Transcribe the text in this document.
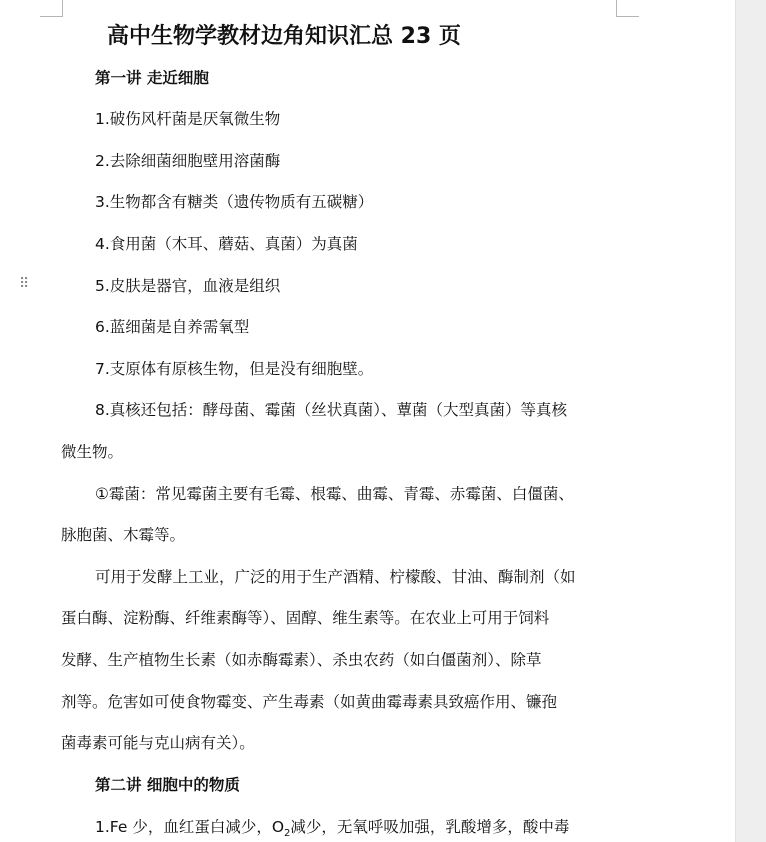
⠿
高中生物学教材边角知识汇总 23 页

第一讲 走近细胞

1.破伤风杆菌是厌氧微生物

2.去除细菌细胞壁用溶菌酶

3.生物都含有糖类（遗传物质有五碳糖）

4.食用菌（木耳、蘑菇、真菌）为真菌

5.皮肤是器官，血液是组织

6.蓝细菌是自养需氧型

7.支原体有原核生物，但是没有细胞壁。

8.真核还包括：酵母菌、霉菌（丝状真菌）、蕈菌（大型真菌）等真核

微生物。

①霉菌：常见霉菌主要有毛霉、根霉、曲霉、青霉、赤霉菌、白僵菌、

脉胞菌、木霉等。

可用于发酵上工业，广泛的用于生产酒精、柠檬酸、甘油、酶制剂（如

蛋白酶、淀粉酶、纤维素酶等）、固醇、维生素等。在农业上可用于饲料

发酵、生产植物生长素（如赤酶霉素）、杀虫农药（如白僵菌剂）、除草

剂等。危害如可使食物霉变、产生毒素（如黄曲霉毒素具致癌作用、镰孢

菌毒素可能与克山病有关）。

第二讲 细胞中的物质

1.Fe 少，血红蛋白减少，$O_2$减少，无氧呼吸加强，乳酸增多，酸中毒
